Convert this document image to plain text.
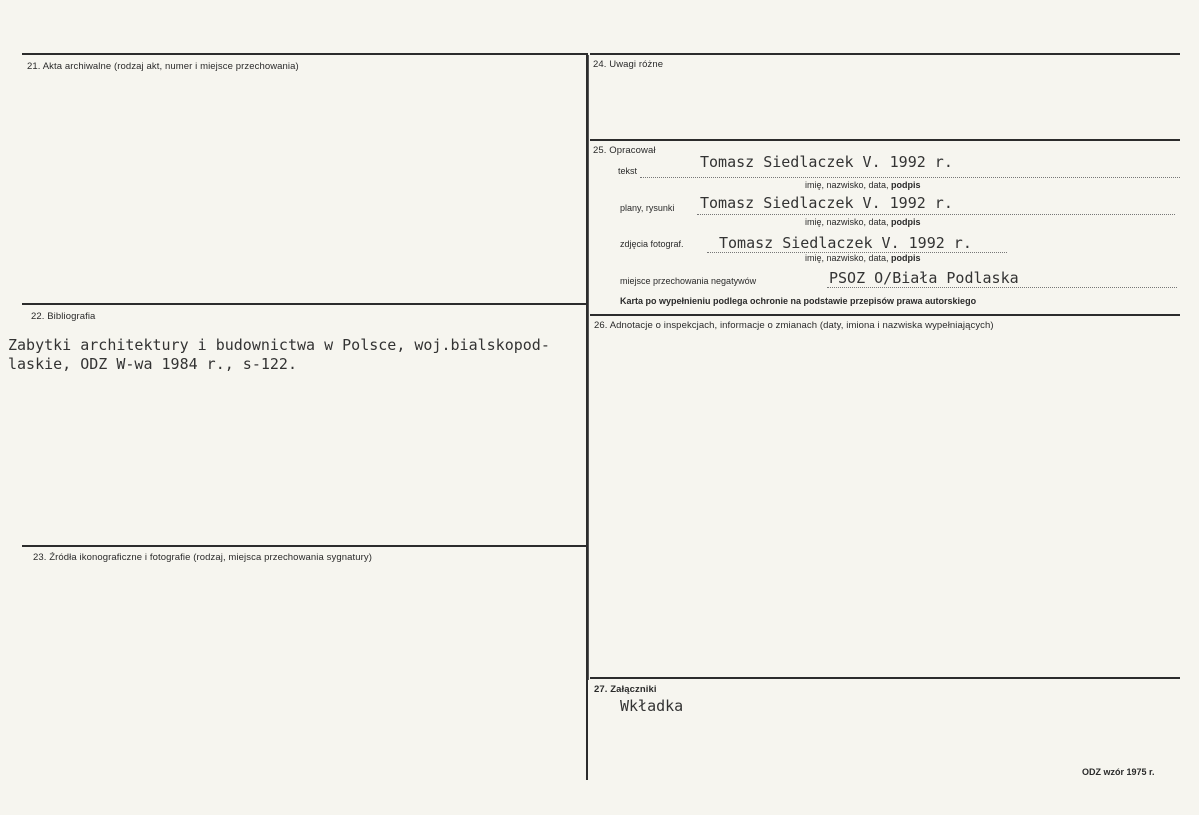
21. Akta archiwalne (rodzaj akt, numer i miejsce przechowania)
22. Bibliografia
Zabytki architektury i budownictwa w Polsce, woj.bialskopod-
laskie, ODZ W-wa 1984 r., s-122.
23. Źródła ikonograficzne i fotografie (rodzaj, miejsca przechowania sygnatury)
24. Uwagi różne
25. Opracował
tekst	Tomasz Siedlaczek V. 1992 r.
imię, nazwisko, data, podpis
plany, rysunki Tomasz Siedlaczek V. 1992 r.
imię, nazwisko, data, podpis
zdjęcia fotograf. Tomasz Siedlaczek V. 1992 r.
imię, nazwisko, data, podpis
miejsce przechowania negatywów	PSOZ O/Biała Podlaska
Karta po wypełnieniu podlega ochronie na podstawie przepisów prawa autorskiego
26. Adnotacje o inspekcjach, informacje o zmianach (daty, imiona i nazwiska wypełniających)
27. Załączniki
Wkładka
ODZ wzór 1975 r.
